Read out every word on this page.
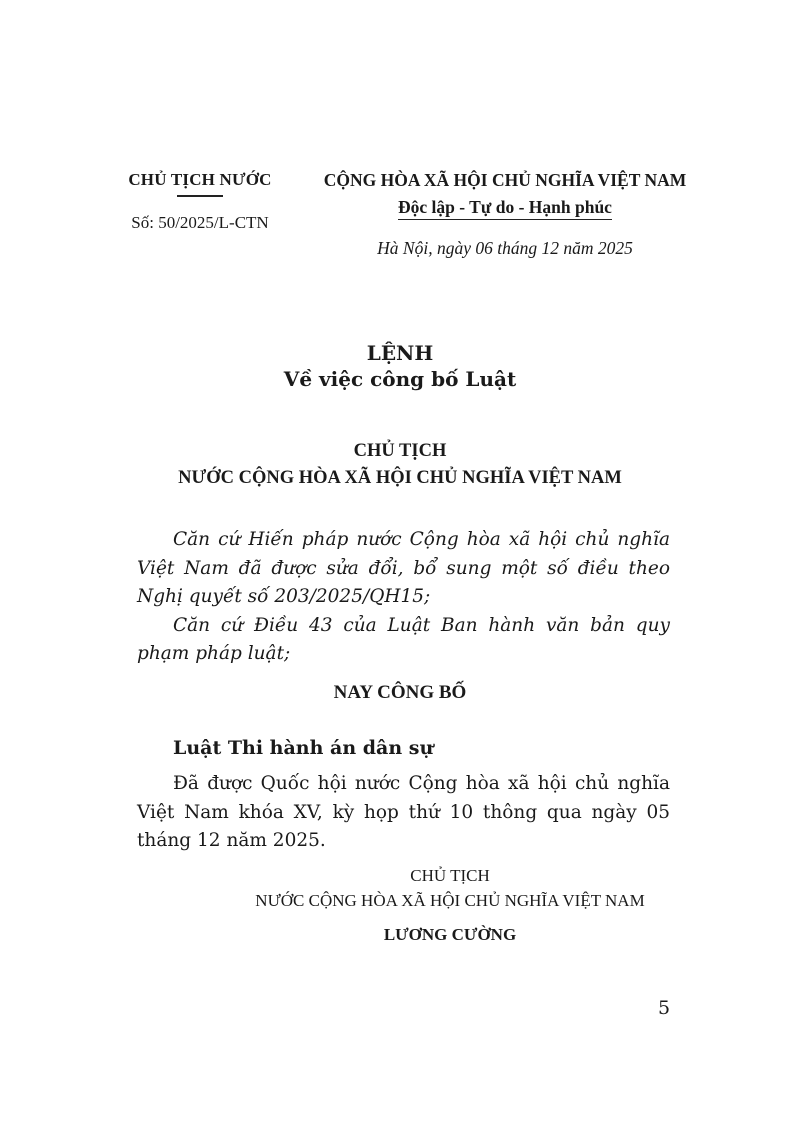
CHỦ TỊCH NƯỚC
Số: 50/2025/L-CTN
CỘNG HÒA XÃ HỘI CHỦ NGHĨA VIỆT NAM
Độc lập - Tự do - Hạnh phúc
Hà Nội, ngày 06 tháng 12 năm 2025
LỆNH
Về việc công bố Luật
CHỦ TỊCH
NƯỚC CỘNG HÒA XÃ HỘI CHỦ NGHĨA VIỆT NAM
Căn cứ Hiến pháp nước Cộng hòa xã hội chủ nghĩa Việt Nam đã được sửa đổi, bổ sung một số điều theo Nghị quyết số 203/2025/QH15;
Căn cứ Điều 43 của Luật Ban hành văn bản quy phạm pháp luật;
NAY CÔNG BỐ
Luật Thi hành án dân sự
Đã được Quốc hội nước Cộng hòa xã hội chủ nghĩa Việt Nam khóa XV, kỳ họp thứ 10 thông qua ngày 05 tháng 12 năm 2025.
CHỦ TỊCH
NƯỚC CỘNG HÒA XÃ HỘI CHỦ NGHĨA VIỆT NAM
LƯƠNG CƯỜNG
5
